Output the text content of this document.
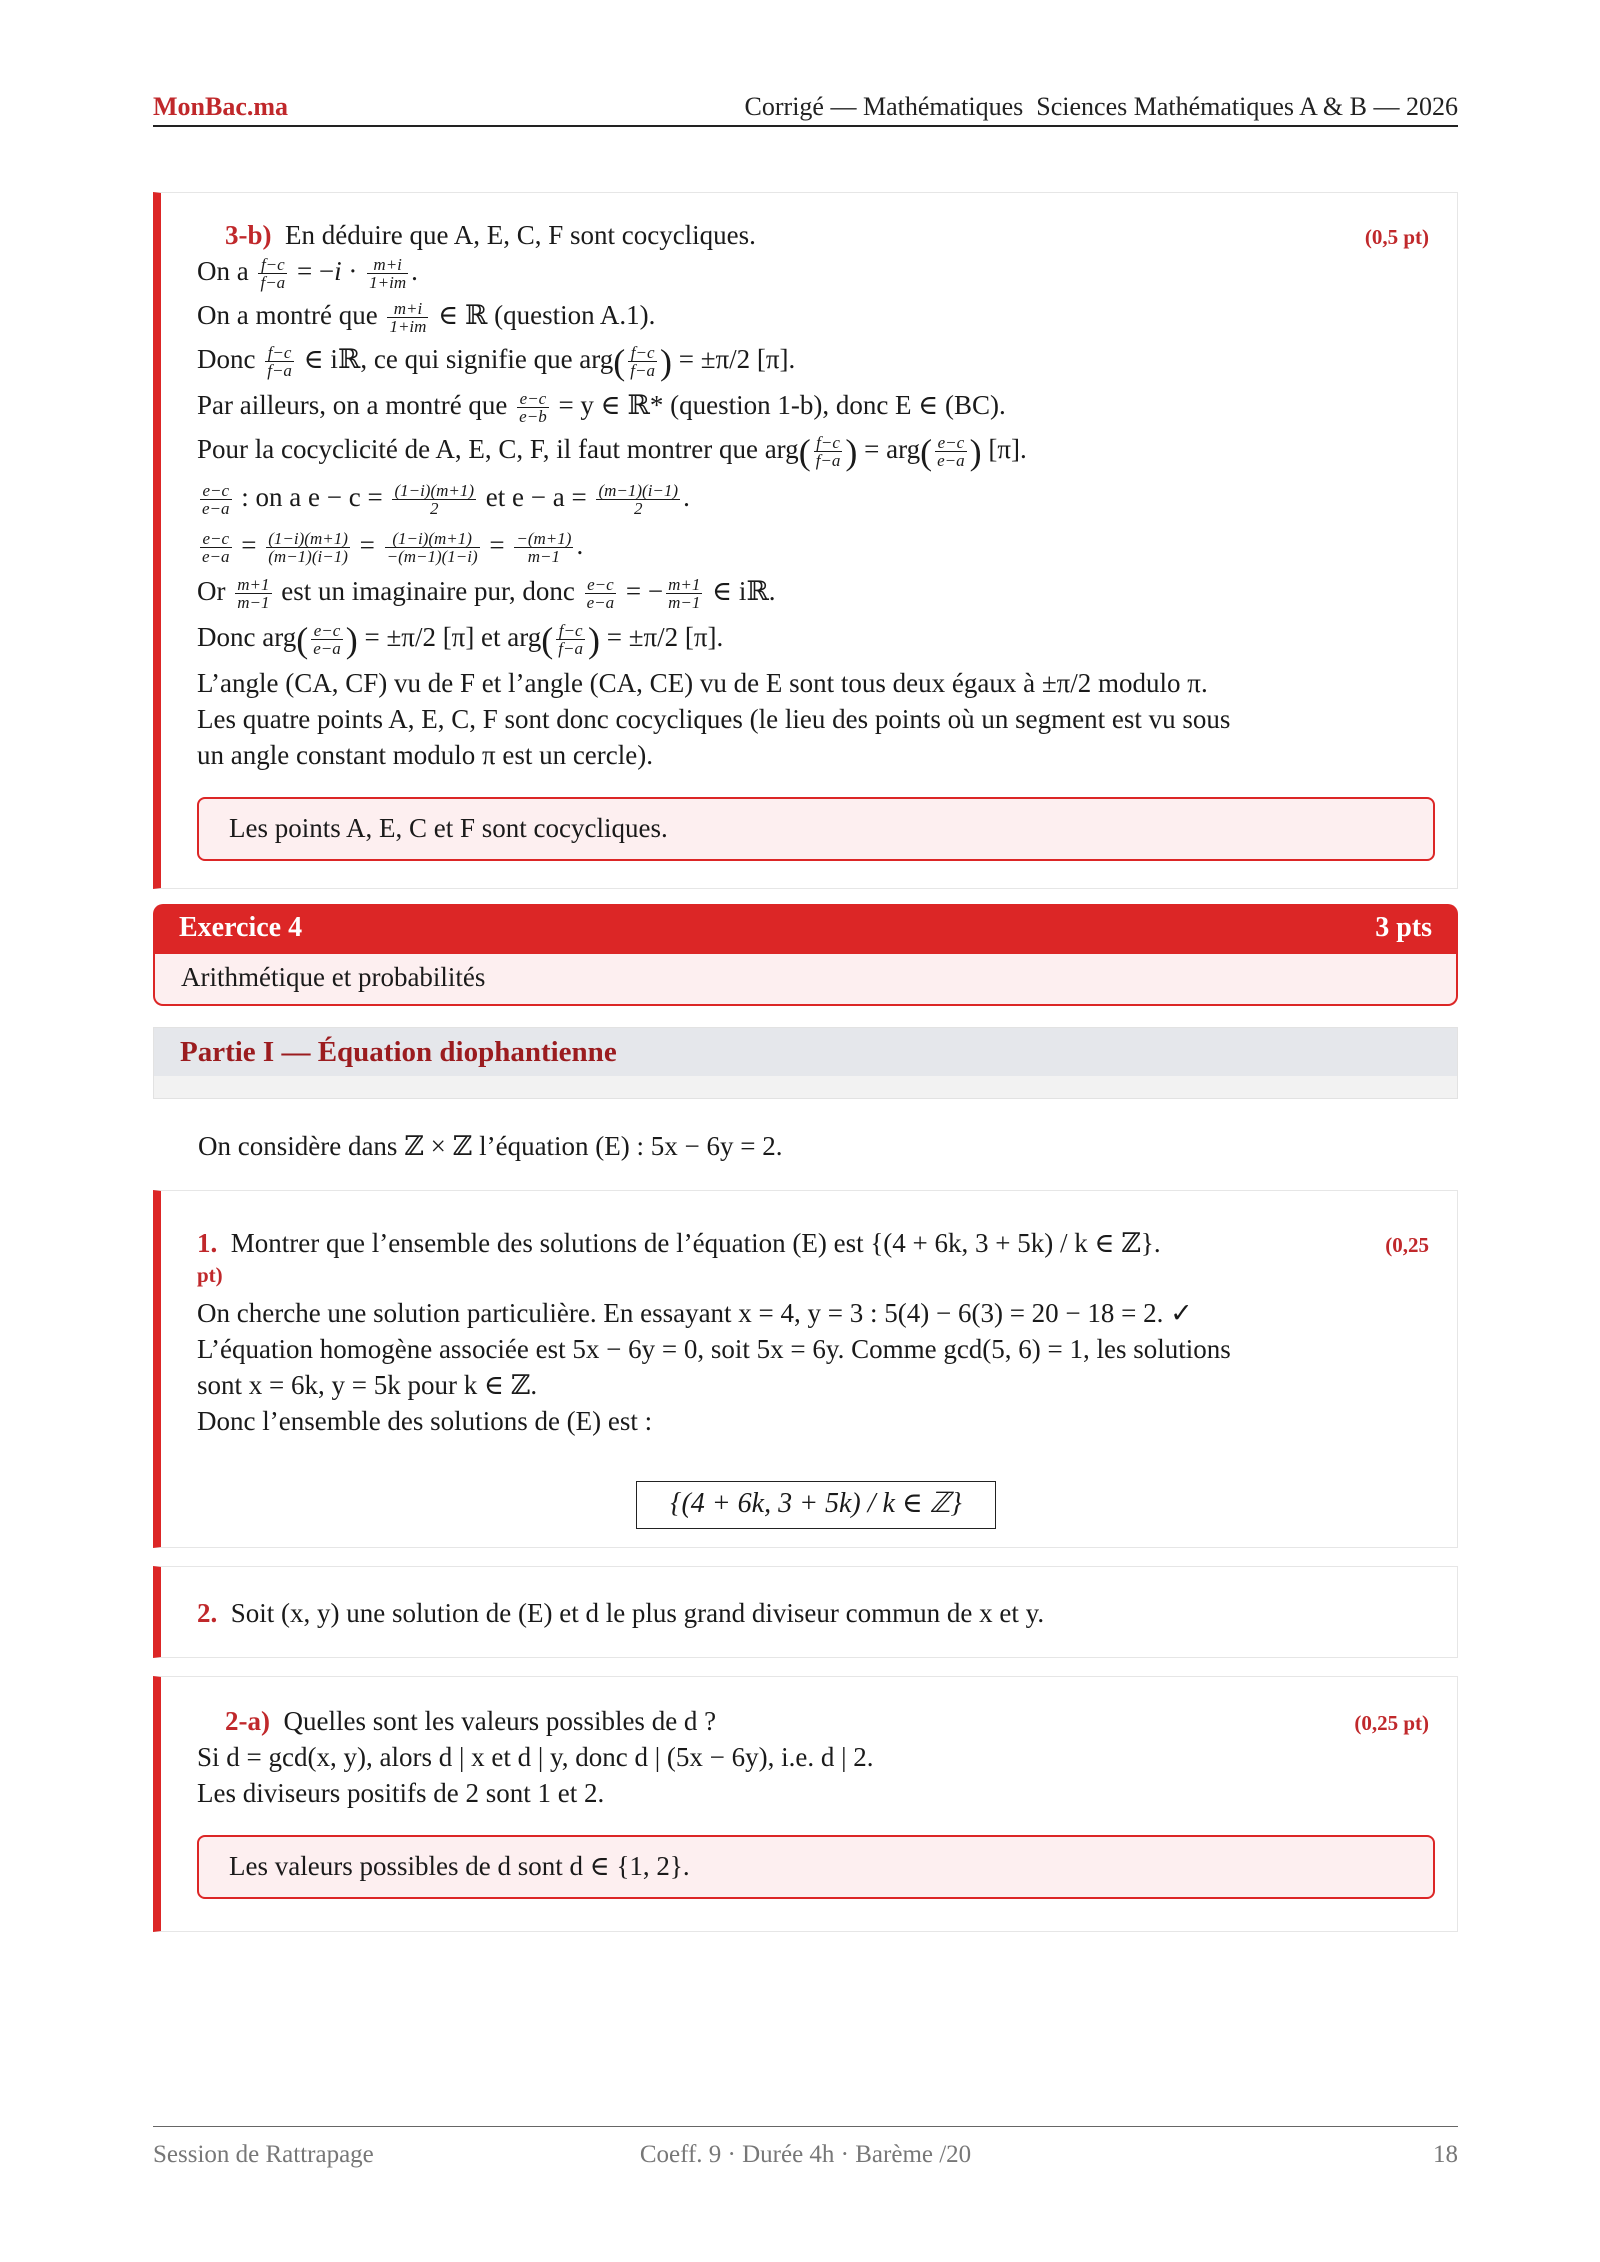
MonBac.ma	Corrigé — Mathématiques Sciences Mathématiques A & B — 2026
3-b) En déduire que A, E, C, F sont cocycliques.	(0,5 pt)
On a $\frac{f-c}{f-a} = -i \cdot \frac{m+i}{1+im}$ .
On a montré que $\frac{m+i}{1+im}$ ∈ ℝ (question A.1).
Donc $\frac{f-c}{f-a}$ ∈ iℝ, ce qui signifie que $arg( \frac{f-c}{f-a}$ ) = ±π/2 [π].
Par ailleurs, on a montré que $\frac{e-c}{e-b} = y$ ∈ ℝ* (question 1-b), donc E ∈ (BC).
Pour la cocyclicité de A, E, C, F, il faut montrer que $arg( \frac{f-c}{f-a}$ ) = $arg( \frac{e-c}{e-a}$ ) [π].
$\frac{e-c}{e-a}$ : on a $e - c = \frac{(1-i)(m+1)}{2}$ et $e - a = \frac{(m-1)(i-1)}{2}$ .
$\frac{e-c}{e-a} = \frac{(1-i)(m+1)}{(m-1)(i-1)} = \frac{(1-i)(m+1)}{-(m-1)(1-i)} = \frac{-(m+1)}{m-1}$ .
Or $\frac{m+1}{m-1}$ est un imaginaire pur, donc $\frac{e-c}{e-a}$ = − $\frac{m+1}{m-1}$ ∈ iℝ.
Donc $arg( \frac{e-c}{e-a}$ ) = ±π/2 [π] et $arg( \frac{f-c}{f-a}$ ) = ±π/2 [π].
L’angle (CA, CF) vu de F et l’angle (CA, CE) vu de E sont tous deux égaux à ±π/2 modulo π.
Les quatre points A, E, C, F sont donc cocycliques (le lieu des points où un segment est vu sous
un angle constant modulo π est un cercle).
Les points A, E, C et F sont cocycliques.
Exercice 4	3 pts
Arithmétique et probabilités
Partie I — Équation diophantienne
On considère dans ℤ × ℤ l’équation (E) : 5x − 6y = 2.
1. Montrer que l’ensemble des solutions de l’équation (E) est {(4 + 6k, 3 + 5k) / k ∈ ℤ}.	(0,25
pt)
On cherche une solution particulière. En essayant x = 4, y = 3 : 5(4) − 6(3) = 20 − 18 = 2. ✓
L’équation homogène associée est 5x − 6y = 0, soit 5x = 6y. Comme gcd(5, 6) = 1, les solutions
sont x = 6k, y = 5k pour k ∈ ℤ.
Donc l’ensemble des solutions de (E) est :
{(4 + 6k, 3 + 5k) / k ∈ ℤ}
2. Soit (x, y) une solution de (E) et d le plus grand diviseur commun de x et y.
2-a) Quelles sont les valeurs possibles de d ?	(0,25 pt)
Si d = gcd(x, y), alors d | x et d | y, donc d | (5x − 6y), i.e. d | 2.
Les diviseurs positifs de 2 sont 1 et 2.
Les valeurs possibles de d sont d ∈ {1, 2}.
Session de Rattrapage	Coeff. 9 · Durée 4h · Barème /20	18
